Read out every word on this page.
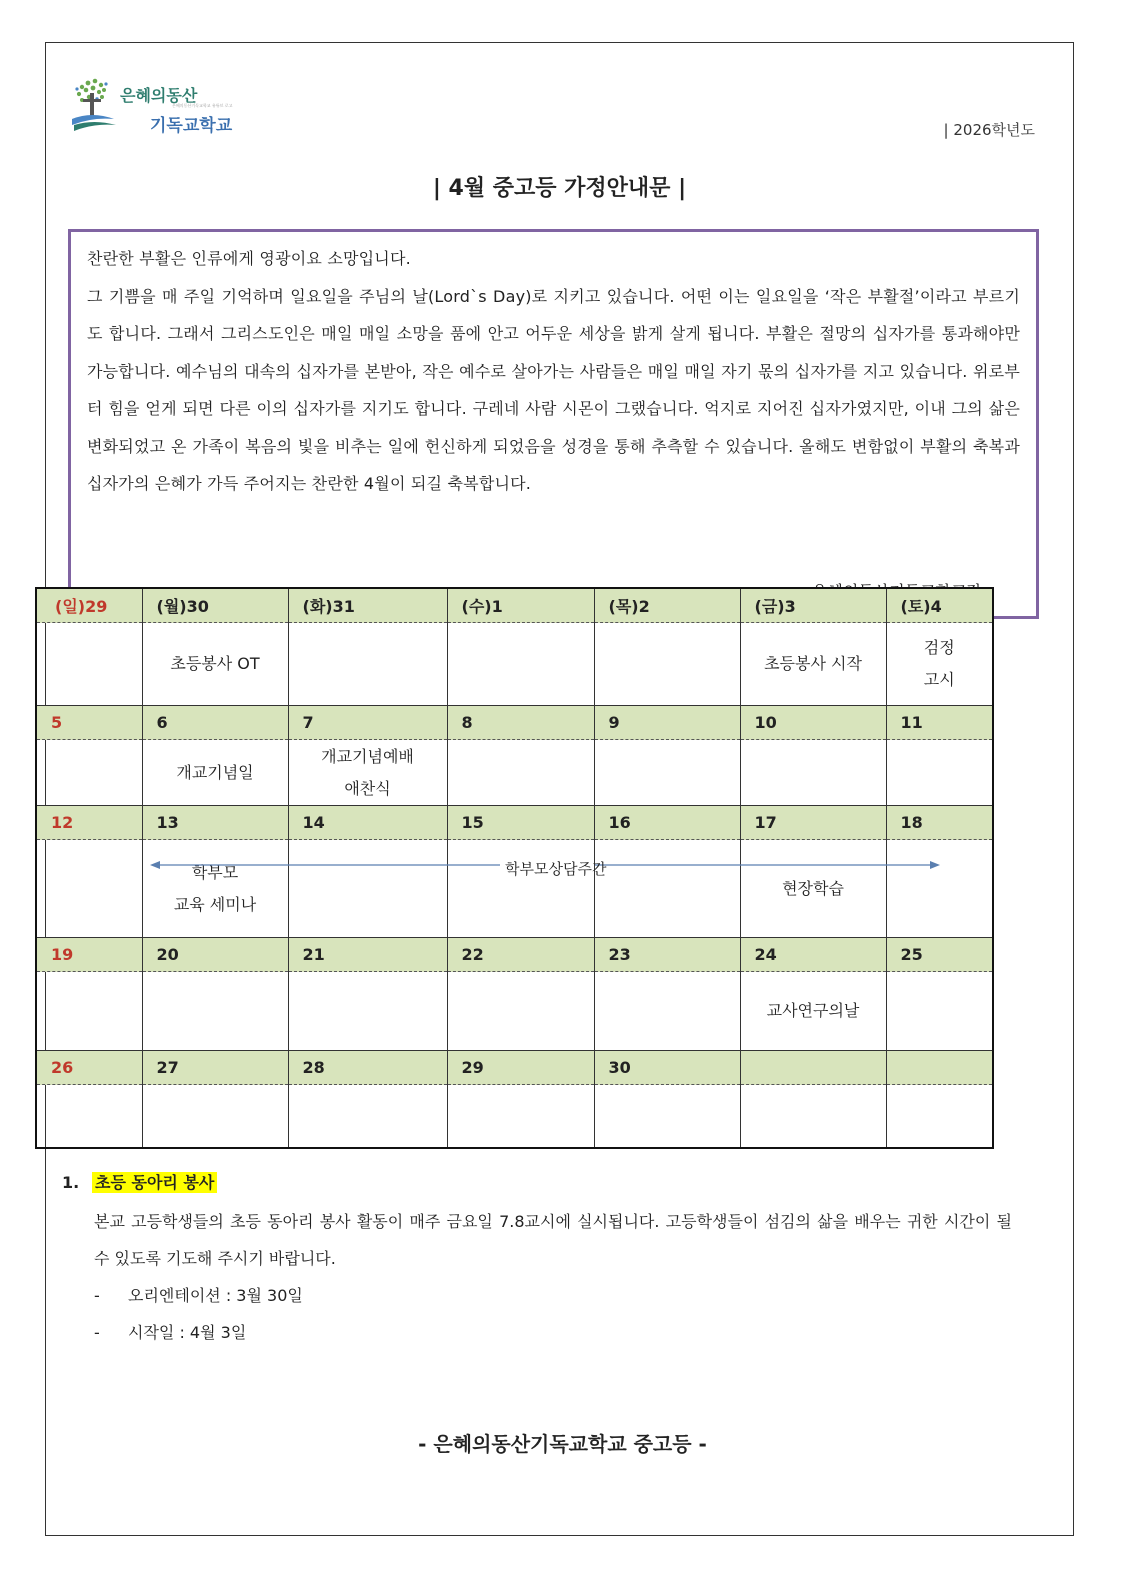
은혜의동산
은혜의동산기독교학교 유튜브 로고
기독교학교	| 2026학년도
| 4월 중고등 가정안내문 |

찬란한 부활은 인류에게 영광이요 소망입니다.

그 기쁨을 매 주일 기억하며 일요일을 주님의 날(Lord`s Day)로 지키고 있습니다. 어떤 이는 일요일을 ‘작은 부활절’이라고 부르기도 합니다. 그래서 그리스도인은 매일 매일 소망을 품에 안고 어두운 세상을 밝게 살게 됩니다. 부활은 절망의 십자가를 통과해야만 가능합니다. 예수님의 대속의 십자가를 본받아, 작은 예수로 살아가는 사람들은 매일 매일 자기 몫의 십자가를 지고 있습니다. 위로부터 힘을 얻게 되면 다른 이의 십자가를 지기도 합니다. 구레네 사람 시몬이 그랬습니다. 억지로 지어진 십자가였지만, 이내 그의 삶은 변화되었고 온 가족이 복음의 빛을 비추는 일에 헌신하게 되었음을 성경을 통해 추측할 수 있습니다. 올해도 변함없이 부활의 축복과 십자가의 은혜가 가득 주어지는 찬란한 4월이 되길 축복합니다.

(일)29	(월)30	(화)31	(수)1	(목)2	(금)3	(토)4
	초등봉사 OT				초등봉사 시작	검정
고시
5	6	7	8	9	10	11
	개교기념일	개교기념예배
애찬식				
12	13	14	15	16	17	18
	학부모
교육 세미나				현장학습	
19	20	21	22	23	24	25
					교사연구의날	
26	27	28	29	30		

학부모상담주간
1. 초등 동아리 봉사
본교 고등학생들의 초등 동아리 봉사 활동이 매주 금요일 7.8교시에 실시됩니다. 고등학생들이 섬김의 삶을 배우는 귀한 시간이 될 수 있도록 기도해 주시기 바랍니다.
- 오리엔테이션 : 3월 30일
- 시작일 : 4월 3일
- 은혜의동산기독교학교 중고등 -
